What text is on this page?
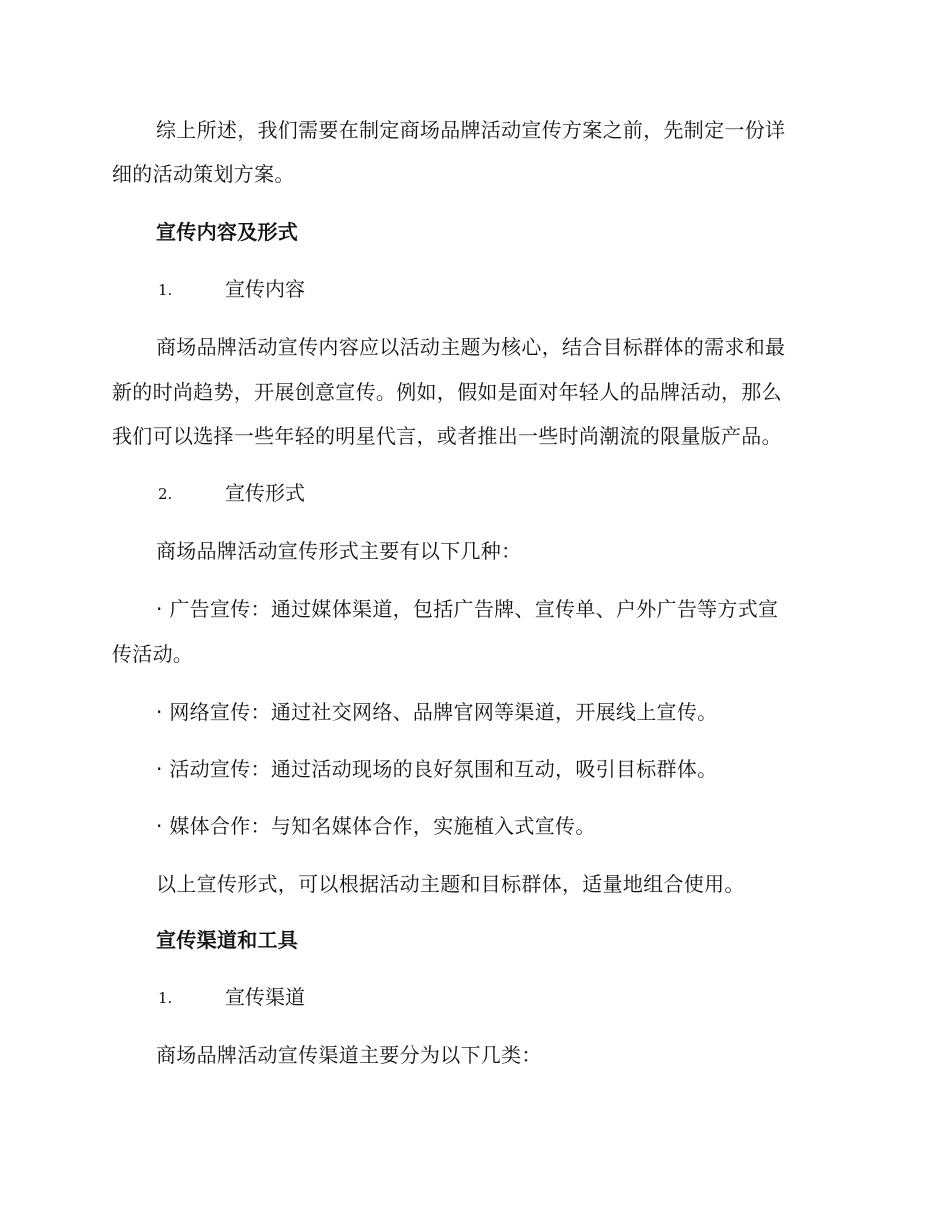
综上所述，我们需要在制定商场品牌活动宣传方案之前，先制定一份详
细的活动策划方案。
宣传内容及形式
1.	宣传内容
商场品牌活动宣传内容应以活动主题为核心，结合目标群体的需求和最
新的时尚趋势，开展创意宣传。例如，假如是面对年轻人的品牌活动，那么
我们可以选择一些年轻的明星代言，或者推出一些时尚潮流的限量版产品。
2.	宣传形式
商场品牌活动宣传形式主要有以下几种：
· 广告宣传：通过媒体渠道，包括广告牌、宣传单、户外广告等方式宣
传活动。
· 网络宣传：通过社交网络、品牌官网等渠道，开展线上宣传。
· 活动宣传：通过活动现场的良好氛围和互动，吸引目标群体。
· 媒体合作：与知名媒体合作，实施植入式宣传。
以上宣传形式，可以根据活动主题和目标群体，适量地组合使用。
宣传渠道和工具
1.	宣传渠道
商场品牌活动宣传渠道主要分为以下几类：
